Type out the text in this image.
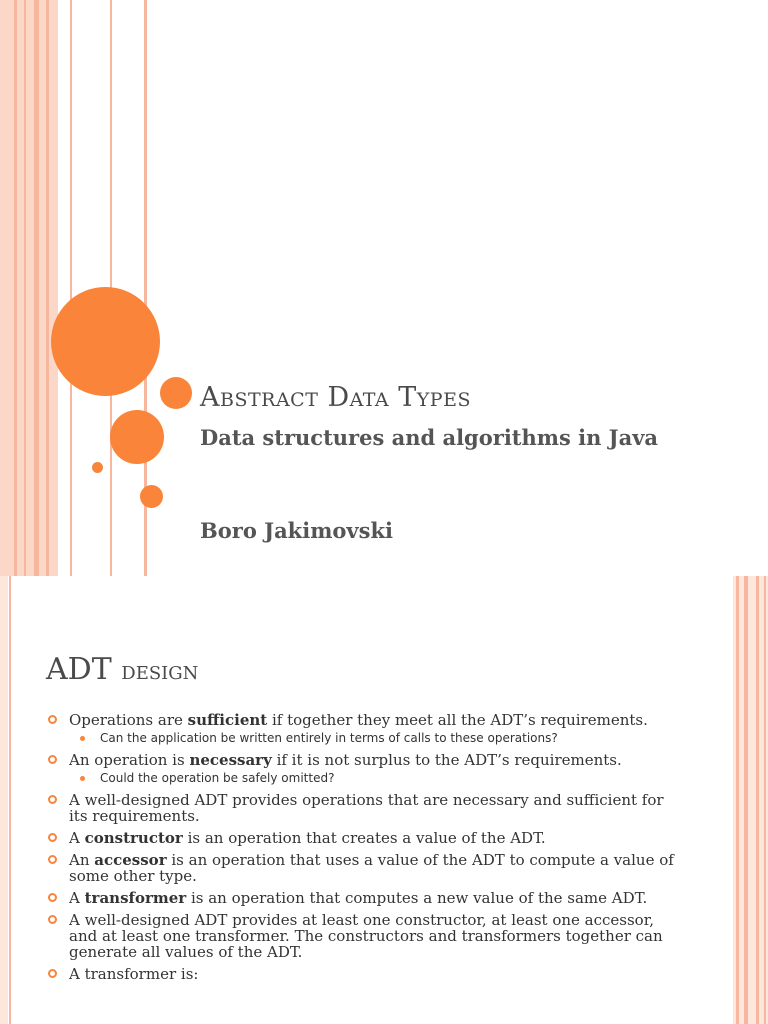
Abstract Data Types
Data structures and algorithms in Java
Boro Jakimovski
ADT design
Operations are sufficient if together they meet all the ADT’s requirements.
Can the application be written entirely in terms of calls to these operations?
An operation is necessary if it is not surplus to the ADT’s requirements.
Could the operation be safely omitted?
A well-designed ADT provides operations that are necessary and sufficient for its requirements.
A constructor is an operation that creates a value of the ADT.
An accessor is an operation that uses a value of the ADT to compute a value of some other type.
A transformer is an operation that computes a new value of the same ADT.
A well-designed ADT provides at least one constructor, at least one accessor, and at least one transformer. The constructors and transformers together can generate all values of the ADT.
A transformer is:
